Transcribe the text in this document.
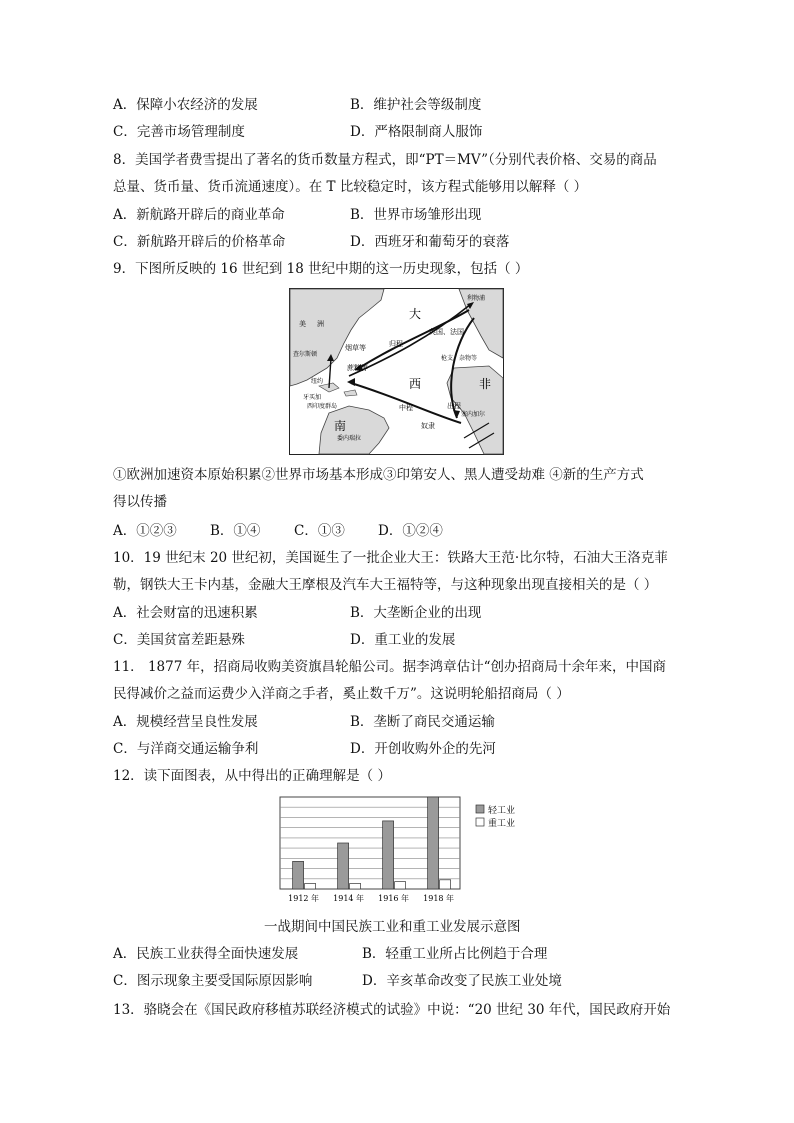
A．保障小农经济的发展	B．维护社会等级制度
C．完善市场管理制度	D．严格限制商人服饰
8．美国学者费雪提出了著名的货币数量方程式，即“PT＝MV”（分别代表价格、交易的商品
总量、货币量、货币流通速度）。在 T 比较稳定时，该方程式能够用以解释（ ）
A．新航路开辟后的商业革命	B．世界市场雏形出现
C．新航路开辟后的价格革命	D．西班牙和葡萄牙的衰落
9．下图所反映的 16 世纪到 18 世纪中期的这一历史现象，包括（ ）
美 洲
查尔斯顿
纽约
牙买加
西印度群岛
大
西
南
非
烟草等
蔗糖等
归程
利物浦
英国、法国
枪支、杂物等
中程
奴隶
出程
委内瑞拉
塞内加尔
①欧洲加速资本原始积累②世界市场基本形成③印第安人、黑人遭受劫难 ④新的生产方式
得以传播
A．①②③ B．①④ C．①③ D．①②④
10．19 世纪末 20 世纪初，美国诞生了一批企业大王：铁路大王范·比尔特，石油大王洛克菲
勒，钢铁大王卡内基，金融大王摩根及汽车大王福特等，与这种现象出现直接相关的是（ ）
A．社会财富的迅速积累	B．大垄断企业的出现
C．美国贫富差距悬殊	D．重工业的发展
11． 1877 年，招商局收购美资旗昌轮船公司。据李鸿章估计“创办招商局十余年来，中国商
民得减价之益而运费少入洋商之手者，奚止数千万”。这说明轮船招商局（ ）
A．规模经营呈良性发展	B．垄断了商民交通运输
C．与洋商交通运输争利	D．开创收购外企的先河
12．读下面图表，从中得出的正确理解是（ ）
1912 年 1914 年 1916 年 1918 年
轻工业
重工业
一战期间中国民族工业和重工业发展示意图
A．民族工业获得全面快速发展	B．轻重工业所占比例趋于合理
C．图示现象主要受国际原因影响	D．辛亥革命改变了民族工业处境
13．骆晓会在《国民政府移植苏联经济模式的试验》中说：“20 世纪 30 年代，国民政府开始
